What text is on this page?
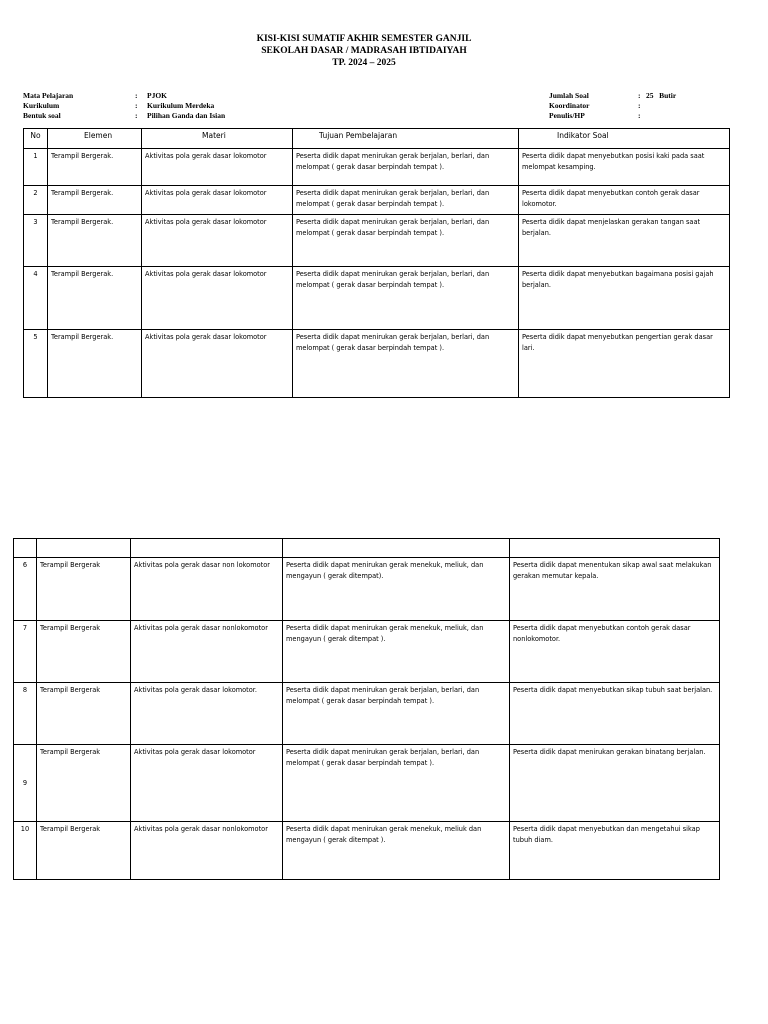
KISI-KISI SUMATIF AKHIR SEMESTER GANJIL
SEKOLAH DASAR / MADRASAH IBTIDAIYAH
TP. 2024 – 2025
Mata Pelajaran	:	PJOK
Kurikulum	:	Kurikulum Merdeka
Bentuk soal	:	Pilihan Ganda dan Isian
Jumlah Soal	: 25   Butir
Koordinator	:
Penulis/HP	:
No	Elemen	Materi	Tujuan Pembelajaran	Indikator Soal
1	Terampil Bergerak.	Aktivitas pola gerak dasar lokomotor	Peserta didik dapat menirukan gerak berjalan, berlari, dan melompat ( gerak dasar berpindah tempat ).	Peserta didik dapat menyebutkan posisi kaki pada saat melompat kesamping.
2	Terampil Bergerak.	Aktivitas pola gerak dasar lokomotor	Peserta didik dapat menirukan gerak berjalan, berlari, dan melompat ( gerak dasar berpindah tempat ).	Peserta didik dapat menyebutkan contoh gerak dasar lokomotor.
3	Terampil Bergerak.	Aktivitas pola gerak dasar lokomotor	Peserta didik dapat menirukan gerak berjalan, berlari, dan melompat ( gerak dasar berpindah tempat ).	Peserta didik dapat menjelaskan gerakan tangan saat berjalan.
4	Terampil Bergerak.	Aktivitas pola gerak dasar lokomotor	Peserta didik dapat menirukan gerak berjalan, berlari, dan melompat ( gerak dasar berpindah tempat ).	Peserta didik dapat menyebutkan bagaimana posisi gajah berjalan.
5	Terampil Bergerak.	Aktivitas pola gerak dasar lokomotor	Peserta didik dapat menirukan gerak berjalan, berlari, dan melompat ( gerak dasar berpindah tempat ).	Peserta didik dapat menyebutkan pengertian gerak dasar lari.

6	Terampil Bergerak	Aktivitas pola gerak dasar non lokomotor	Peserta didik dapat menirukan gerak menekuk, meliuk, dan mengayun ( gerak ditempat).	Peserta didik dapat menentukan sikap awal saat melakukan gerakan memutar kepala.
7	Terampil Bergerak	Aktivitas pola gerak dasar nonlokomotor	Peserta didik dapat menirukan gerak menekuk, meliuk, dan mengayun ( gerak ditempat ).	Peserta didik dapat menyebutkan contoh gerak dasar nonlokomotor.
8	Terampil Bergerak	Aktivitas pola gerak dasar lokomotor.	Peserta didik dapat menirukan gerak berjalan, berlari, dan melompat ( gerak dasar berpindah tempat ).	Peserta didik dapat menyebutkan sikap tubuh saat berjalan.
9	Terampil Bergerak	Aktivitas pola gerak dasar lokomotor	Peserta didik dapat menirukan gerak berjalan, berlari, dan melompat ( gerak dasar berpindah tempat ).	Peserta didik dapat menirukan gerakan binatang berjalan.
10	Terampil Bergerak	Aktivitas pola gerak dasar nonlokomotor	Peserta didik dapat menirukan gerak menekuk, meliuk dan mengayun ( gerak ditempat ).	Peserta didik dapat menyebutkan dan mengetahui sikap tubuh diam.
